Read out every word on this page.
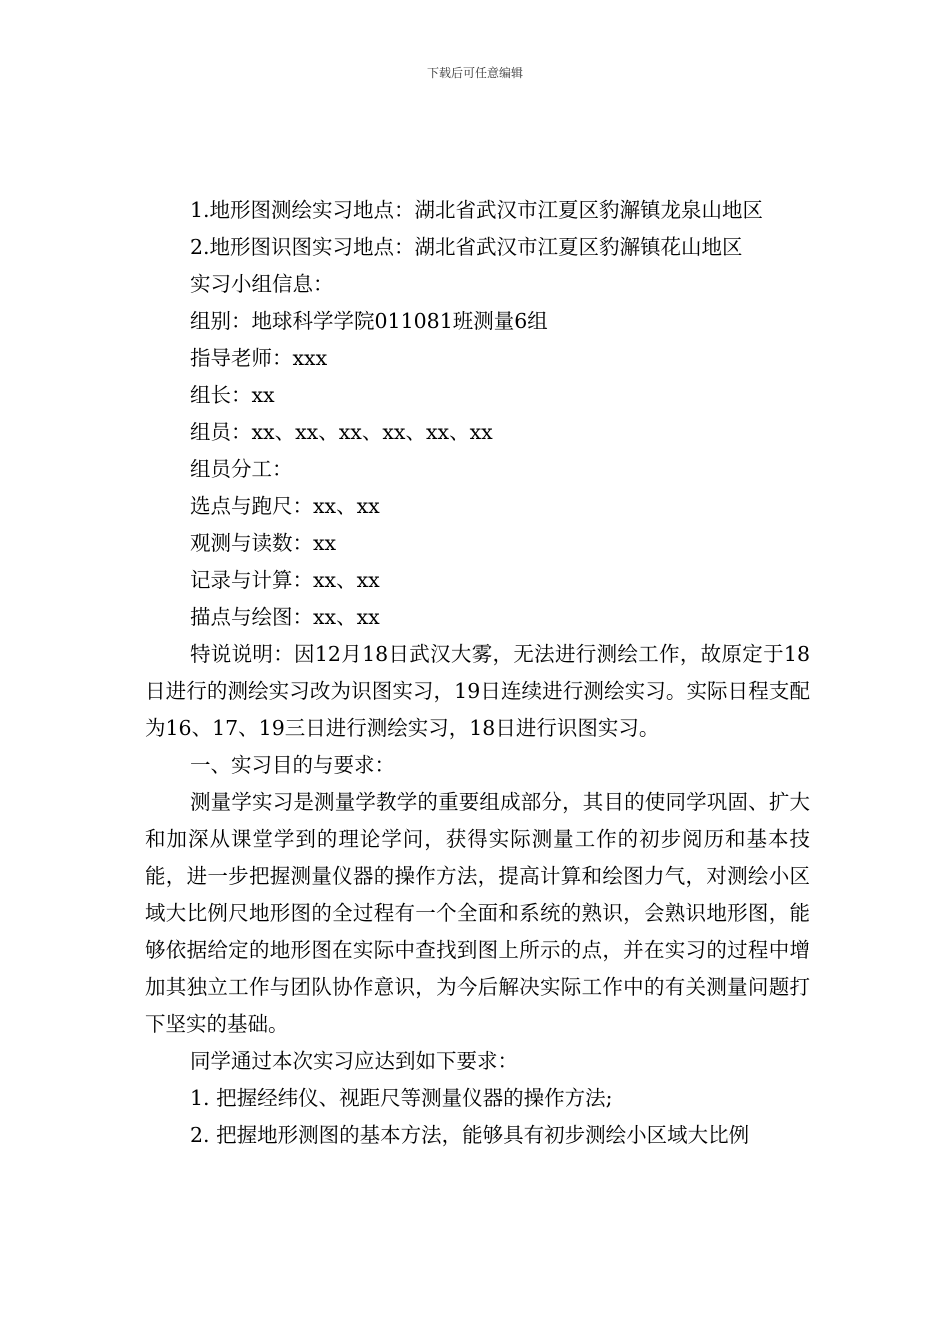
下载后可任意编辑

1.地形图测绘实习地点：湖北省武汉市江夏区豹澥镇龙泉山地区

2.地形图识图实习地点：湖北省武汉市江夏区豹澥镇花山地区

实习小组信息：

组别：地球科学学院011081班测量6组

指导老师：xxx

组长：xx

组员：xx、xx、xx、xx、xx、xx

组员分工：

选点与跑尺：xx、xx

观测与读数：xx

记录与计算：xx、xx

描点与绘图：xx、xx

特说说明：因12月18日武汉大雾，无法进行测绘工作，故原定于18日进行的测绘实习改为识图实习，19日连续进行测绘实习。实际日程支配为16、17、19三日进行测绘实习，18日进行识图实习。

一、实习目的与要求：

测量学实习是测量学教学的重要组成部分，其目的使同学巩固、扩大和加深从课堂学到的理论学问，获得实际测量工作的初步阅历和基本技能，进一步把握测量仪器的操作方法，提高计算和绘图力气，对测绘小区域大比例尺地形图的全过程有一个全面和系统的熟识，会熟识地形图，能够依据给定的地形图在实际中查找到图上所示的点，并在实习的过程中增加其独立工作与团队协作意识，为今后解决实际工作中的有关测量问题打下坚实的基础。

同学通过本次实习应达到如下要求：

1. 把握经纬仪、视距尺等测量仪器的操作方法;

2. 把握地形测图的基本方法，能够具有初步测绘小区域大比例
